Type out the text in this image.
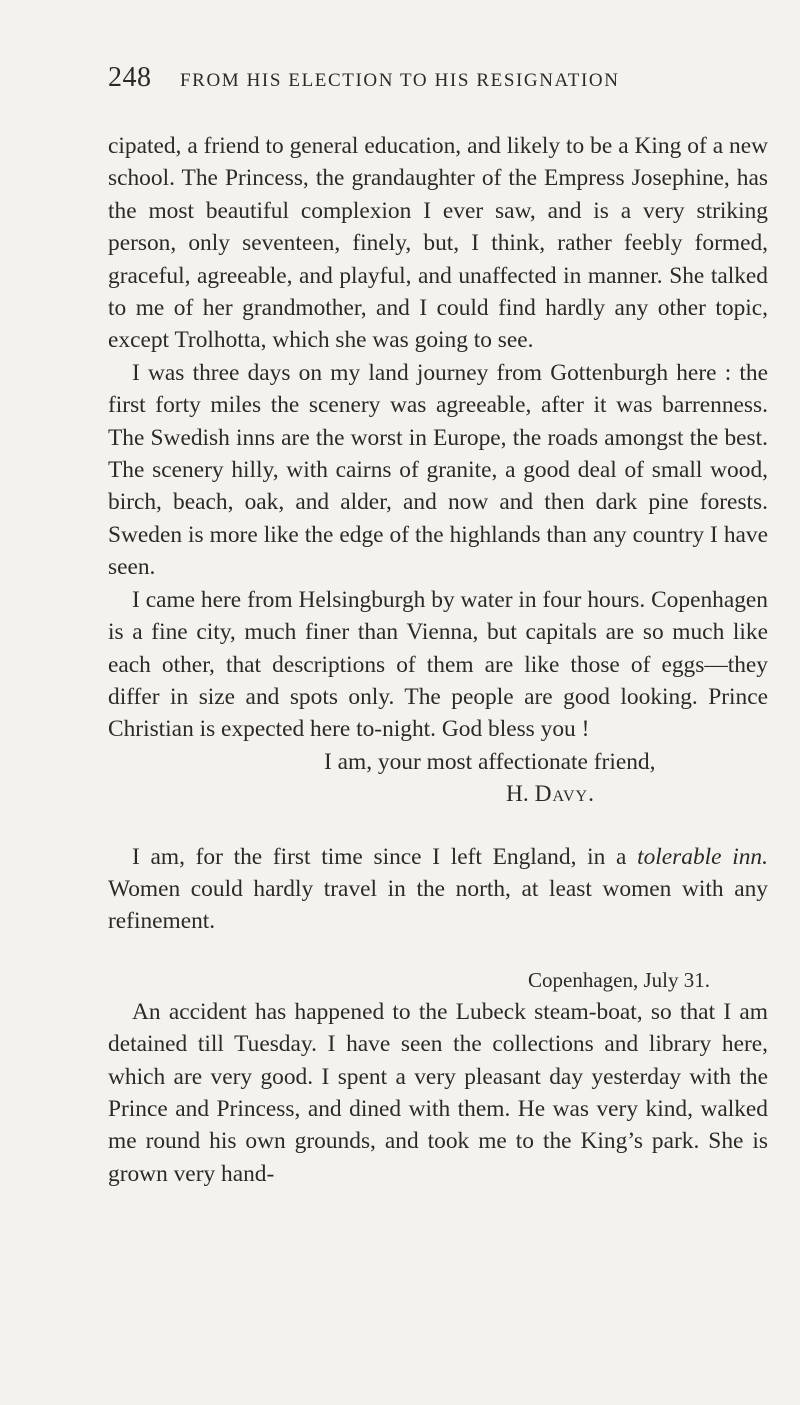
248	FROM HIS ELECTION TO HIS RESIGNATION

cipated, a friend to general education, and likely to be a King of a new school. The Princess, the grandaughter of the Empress Josephine, has the most beautiful complexion I ever saw, and is a very striking person, only seventeen, finely, but, I think, rather feebly formed, graceful, agreeable, and playful, and unaffected in manner. She talked to me of her grandmother, and I could find hardly any other topic, except Trolhotta, which she was going to see.

I was three days on my land journey from Gottenburgh here : the first forty miles the scenery was agreeable, after it was barrenness. The Swedish inns are the worst in Europe, the roads amongst the best. The scenery hilly, with cairns of granite, a good deal of small wood, birch, beach, oak, and alder, and now and then dark pine forests. Sweden is more like the edge of the highlands than any country I have seen.

I came here from Helsingburgh by water in four hours. Copenhagen is a fine city, much finer than Vienna, but capitals are so much like each other, that descriptions of them are like those of eggs—they differ in size and spots only. The people are good looking. Prince Christian is expected here to-night. God bless you !

I am, your most affectionate friend,
H. Davy.

I am, for the first time since I left England, in a tolerable inn. Women could hardly travel in the north, at least women with any refinement.

Copenhagen, July 31.

An accident has happened to the Lubeck steam-boat, so that I am detained till Tuesday. I have seen the collections and library here, which are very good. I spent a very pleasant day yesterday with the Prince and Princess, and dined with them. He was very kind, walked me round his own grounds, and took me to the King’s park. She is grown very hand-
